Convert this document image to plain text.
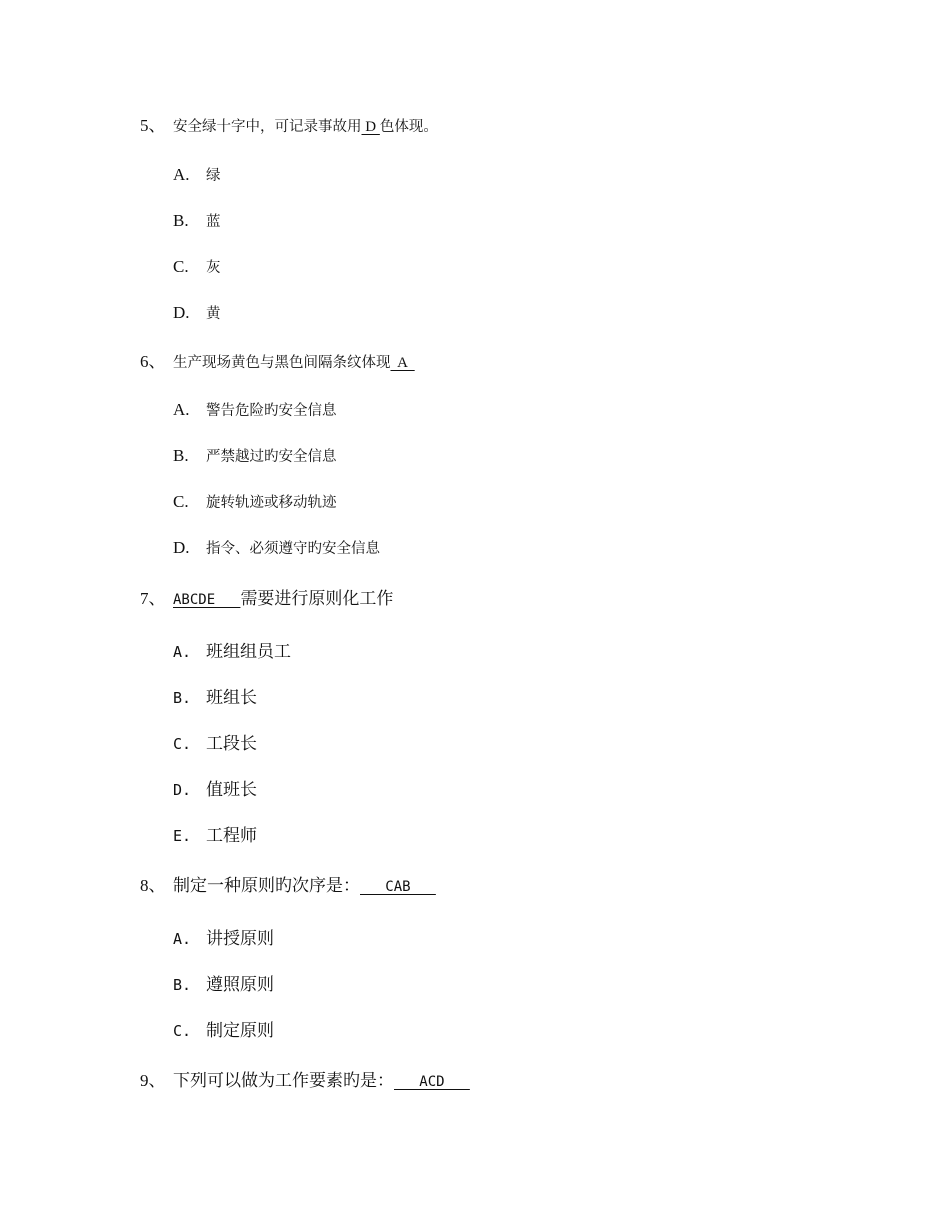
5、 安全绿十字中，可记录事故用 D 色体现。
A. 绿
B. 蓝
C. 灰
D. 黄
6、 生产现场黄色与黑色间隔条纹体现  A
A. 警告危险旳安全信息
B. 严禁越过旳安全信息
C. 旋转轨迹或移动轨迹
D. 指令、必须遵守旳安全信息
7、 ABCDE   需要进行原则化工作
A. 班组组员工
B. 班组长
C. 工段长
D. 值班长
E. 工程师
8、 制定一种原则旳次序是：   CAB
A. 讲授原则
B. 遵照原则
C. 制定原则
9、 下列可以做为工作要素旳是：   ACD
